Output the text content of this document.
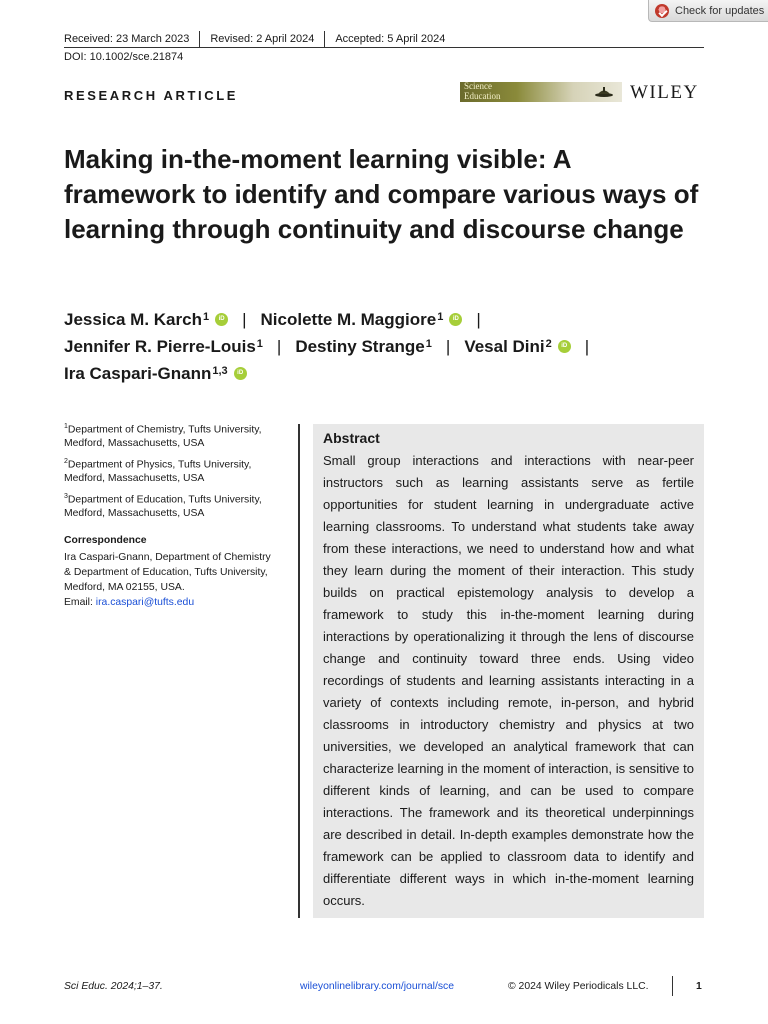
Check for updates
Received: 23 March 2023 Revised: 2 April 2024 Accepted: 5 April 2024
DOI: 10.1002/sce.21874
RESEARCH ARTICLE
Science
Education	WILEY
Making in-the-moment learning visible: A framework to identify and compare various ways of learning through continuity and discourse change
Jessica M. Karch$^1$	iD | Nicolette M. Maggiore$^1$	iD |
Jennifer R. Pierre-Louis$^1$ | Destiny Strange$^1$ | Vesal Dini$^2$	iD |
Ira Caspari-Gnann$^{1,3}$	iD
$^1$Department of Chemistry, Tufts University,
Medford, Massachusetts, USA
$^2$Department of Physics, Tufts University,
Medford, Massachusetts, USA
$^3$Department of Education, Tufts University,
Medford, Massachusetts, USA
Correspondence
Ira Caspari-Gnann, Department of Chemistry
& Department of Education, Tufts University,
Medford, MA 02155, USA.
Email: ira.caspari@tufts.edu
Abstract

Small group interactions and interactions with near-peer instructors such as learning assistants serve as fertile opportunities for student learning in undergraduate active learning classrooms. To understand what students take away from these interactions, we need to understand how and what they learn during the moment of their interaction. This study builds on practical epistemology analysis to develop a framework to study this in-the-moment learning during interactions by operationalizing it through the lens of discourse change and continuity toward three ends. Using video recordings of students and learning assistants interacting in a variety of contexts including remote, in-person, and hybrid classrooms in introductory chemistry and physics at two universities, we developed an analytical framework that can characterize learning in the moment of interaction, is sensitive to different kinds of learning, and can be used to compare interactions. The framework and its theoretical underpinnings are described in detail. In-depth examples demonstrate how the framework can be applied to classroom data to identify and differentiate different ways in which in-the-moment learning occurs.

Sci Educ. 2024;1–37.	wileyonlinelibrary.com/journal/sce	© 2024 Wiley Periodicals LLC.	1
